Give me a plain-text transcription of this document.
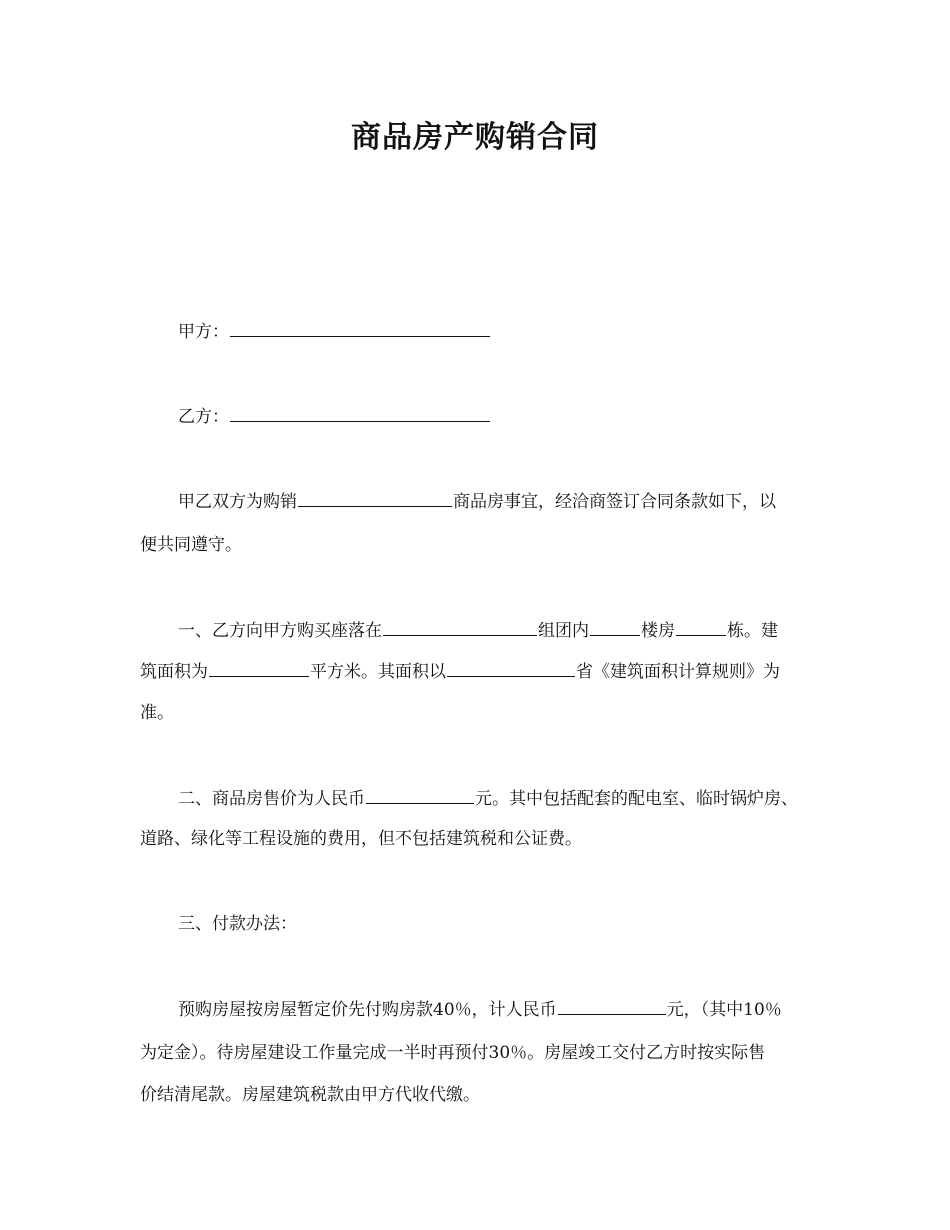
商品房产购销合同
甲方：
乙方：
甲乙双方为购销	商品房事宜，经洽商签订合同条款如下，以
便共同遵守。
一、乙方向甲方购买座落在	组团内	楼房	栋。建
筑面积为	平方米。其面积以	省《建筑面积计算规则》为
准。
二、商品房售价为人民币	元。其中包括配套的配电室、临时锅炉房、
道路、绿化等工程设施的费用，但不包括建筑税和公证费。
三、付款办法：
预购房屋按房屋暂定价先付购房款40％，计人民币	元，（其中10％
为定金）。待房屋建设工作量完成一半时再预付30％。房屋竣工交付乙方时按实际售
价结清尾款。房屋建筑税款由甲方代收代缴。
